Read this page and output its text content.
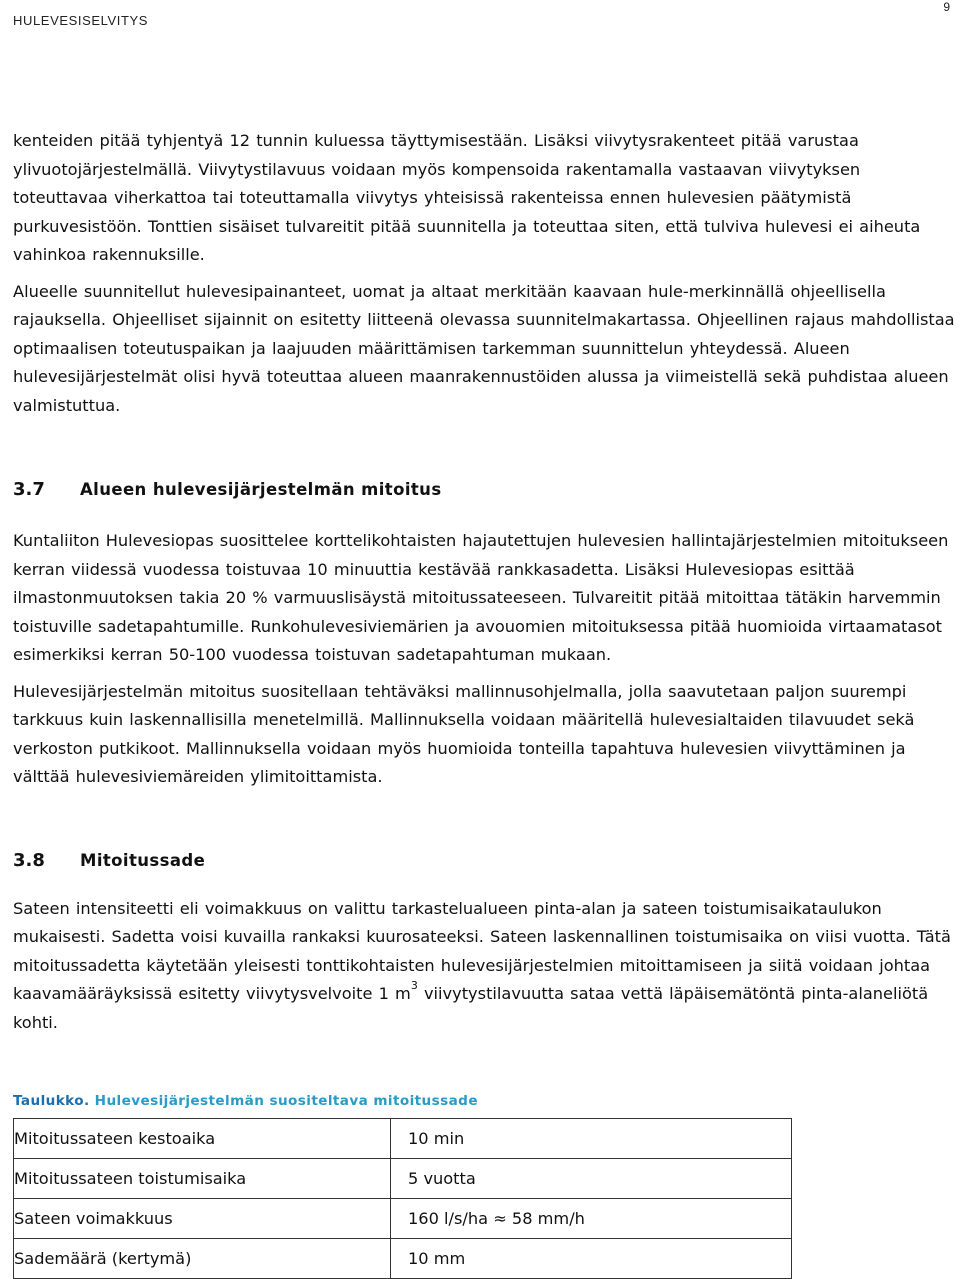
HULEVESISELVITYS
9

kenteiden pitää tyhjentyä 12 tunnin kuluessa täyttymisestään. Lisäksi viivytysrakenteet pitää varustaa ylivuotojärjestelmällä. Viivytystilavuus voidaan myös kompensoida rakentamalla vastaavan viivytyksen toteuttavaa viherkattoa tai toteuttamalla viivytys yhteisissä rakenteissa ennen hulevesien päätymistä purkuvesistöön. Tonttien sisäiset tulvareitit pitää suunnitella ja toteuttaa siten, että tulviva hulevesi ei aiheuta vahinkoa rakennuksille.

Alueelle suunnitellut hulevesipainanteet, uomat ja altaat merkitään kaavaan hule-merkinnällä ohjeellisella rajauksella. Ohjeelliset sijainnit on esitetty liitteenä olevassa suunnitelmakartassa. Ohjeellinen rajaus mahdollistaa optimaalisen toteutuspaikan ja laajuuden määrittämisen tarkemman suunnittelun yhteydessä. Alueen hulevesijärjestelmät olisi hyvä toteuttaa alueen maanrakennustöiden alussa ja viimeistellä sekä puhdistaa alueen valmistuttua.

3.7	Alueen hulevesijärjestelmän mitoitus

Kuntaliiton Hulevesiopas suosittelee korttelikohtaisten hajautettujen hulevesien hallintajärjestelmien mitoitukseen kerran viidessä vuodessa toistuvaa 10 minuuttia kestävää rankkasadetta. Lisäksi Hulevesiopas esittää ilmastonmuutoksen takia 20 % varmuuslisäystä mitoitussateeseen. Tulvareitit pitää mitoittaa tätäkin harvemmin toistuville sadetapahtumille. Runkohulevesiviemärien ja avouomien mitoituksessa pitää huomioida virtaamatasot esimerkiksi kerran 50-100 vuodessa toistuvan sadetapahtuman mukaan.

Hulevesijärjestelmän mitoitus suositellaan tehtäväksi mallinnusohjelmalla, jolla saavutetaan paljon suurempi tarkkuus kuin laskennallisilla menetelmillä. Mallinnuksella voidaan määritellä hulevesialtaiden tilavuudet sekä verkoston putkikoot. Mallinnuksella voidaan myös huomioida tonteilla tapahtuva hulevesien viivyttäminen ja välttää hulevesiviemäreiden ylimitoittamista.

3.8	Mitoitussade

Sateen intensiteetti eli voimakkuus on valittu tarkastelualueen pinta-alan ja sateen toistumisaikataulukon mukaisesti. Sadetta voisi kuvailla rankaksi kuurosateeksi. Sateen laskennallinen toistumisaika on viisi vuotta. Tätä mitoitussadetta käytetään yleisesti tonttikohtaisten hulevesijärjestelmien mitoittamiseen ja siitä voidaan johtaa kaavamääräyksissä esitetty viivytysvelvoite 1 $m^3$ viivytystilavuutta sataa vettä läpäisemätöntä pinta-alaneliötä kohti.

Taulukko. Hulevesijärjestelmän suositeltava mitoitussade
Mitoitussateen kestoaika	10 min
Mitoitussateen toistumisaika	5 vuotta
Sateen voimakkuus	160 l/s/ha ≈ 58 mm/h
Sademäärä (kertymä)	10 mm
